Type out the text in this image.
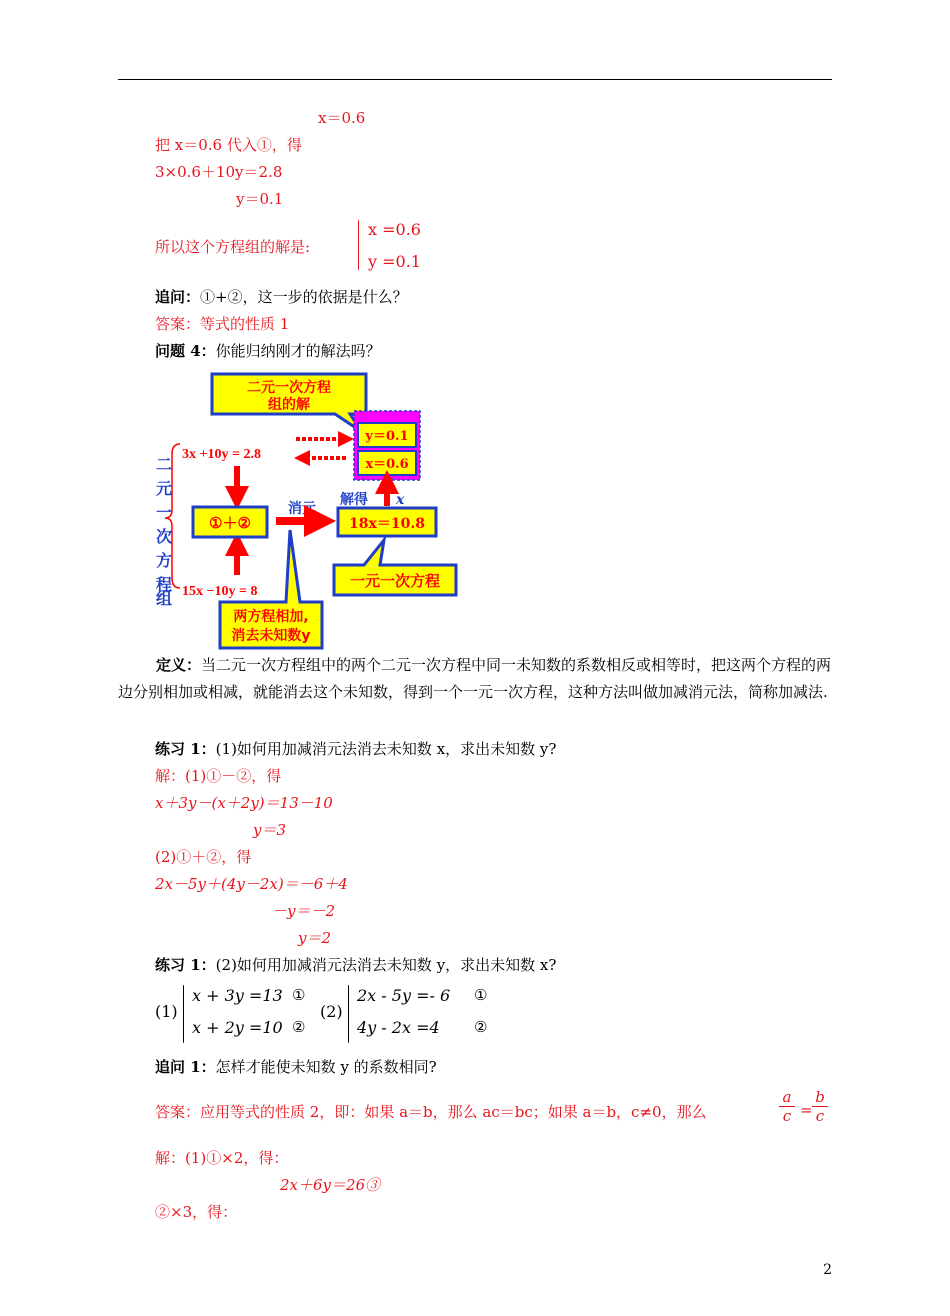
x＝0.6
把 x＝0.6 代入①，得
3×0.6＋10y＝2.8
y＝0.1
所以这个方程组的解是:
x =0.6
y =0.1
追问：①+②，这一步的依据是什么？
答案：等式的性质 1
问题 4：你能归纳刚才的解法吗？
二元一次方程
组的解
y＝0.1
x＝0.6
3x +10y = 2.8
15x −10y = 8
二
元
一
次
方
程
组
①＋②
消元
解得 x
18x＝10.8
一元一次方程
两方程相加,
消去未知数y
定义：当二元一次方程组中的两个二元一次方程中同一未知数的系数相反或相等时，把这两个方程的两边分别相加或相减，就能消去这个未知数，得到一个一元一次方程，这种方法叫做加减消元法，简称加减法.
练习 1：(1)如何用加减消元法消去未知数 x，求出未知数 y?
解：(1)①－②，得
x＋3y－(x＋2y)＝13－10
y＝3
(2)①＋②，得
2x－5y＋(4y－2x)＝－6＋4
－y＝－2
y＝2
练习 1：(2)如何用加减消元法消去未知数 y，求出未知数 x?
(1)
x + 3y =13 ①
x + 2y =10 ②
(2)
2x - 5y =- 6 ①
4y - 2x =4 ②
追问 1：怎样才能使未知数 y 的系数相同?
答案：应用等式的性质 2，即：如果 a＝b，那么 ac＝bc；如果 a＝b，c≠0，那么
a
c =
b
c
解：(1)①×2，得：
2x＋6y＝26③
②×3，得：
2
